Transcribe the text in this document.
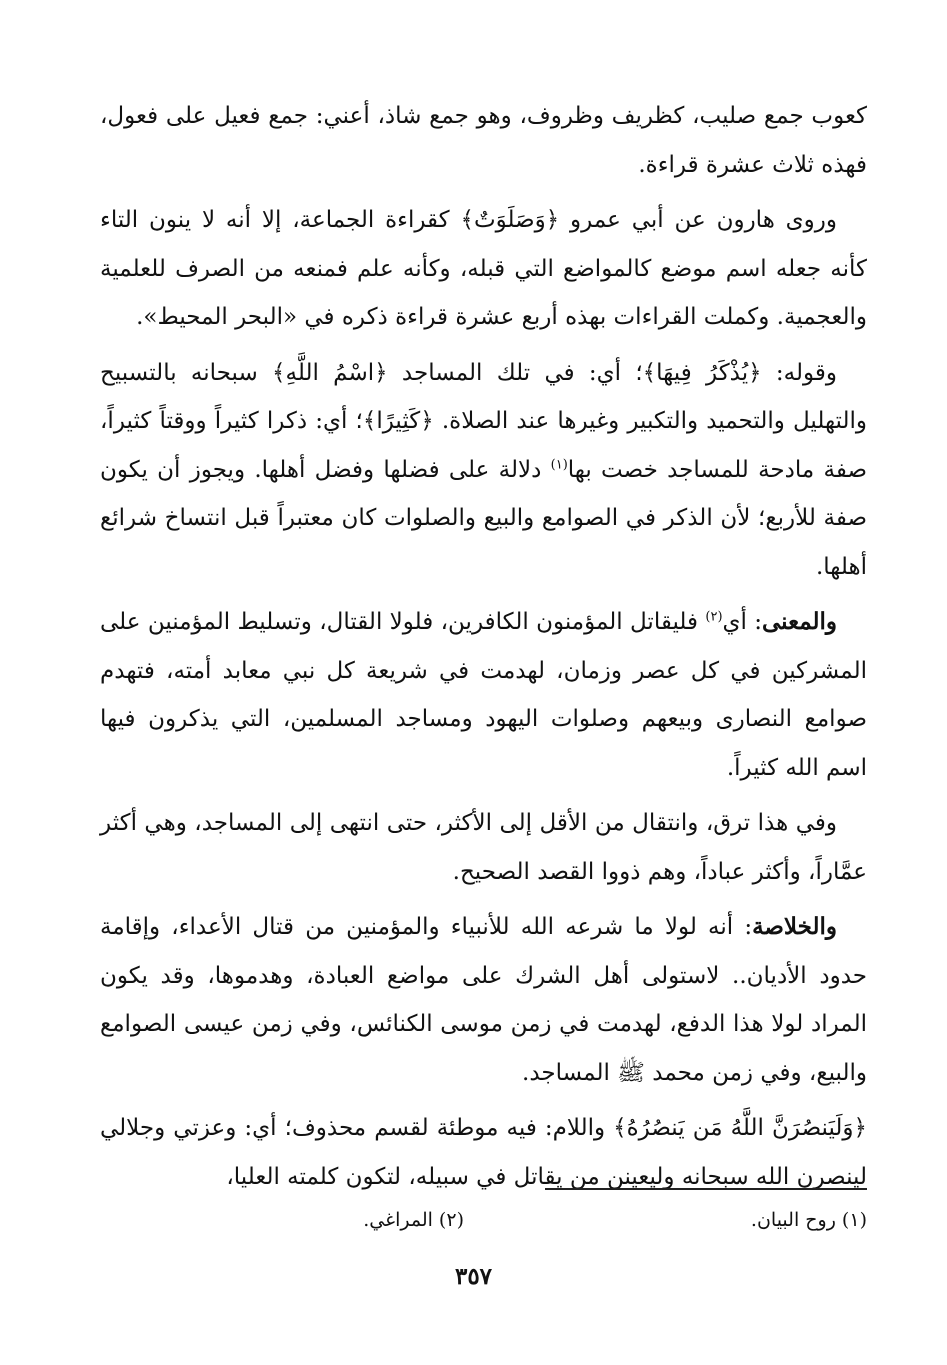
كعوب جمع صليب، كظريف وظروف، وهو جمع شاذ، أعني: جمع فعيل على فعول، فهذه ثلاث عشرة قراءة.

وروى هارون عن أبي عمرو ﴿وَصَلَوَتٌ﴾ كقراءة الجماعة، إلا أنه لا ينون التاء كأنه جعله اسم موضع كالمواضع التي قبله، وكأنه علم فمنعه من الصرف للعلمية والعجمية. وكملت القراءات بهذه أربع عشرة قراءة ذكره في «البحر المحيط».

وقوله: ﴿يُذْكَرُ فِيهَا﴾؛ أي: في تلك المساجد ﴿اسْمُ اللَّهِ﴾ سبحانه بالتسبيح والتهليل والتحميد والتكبير وغيرها عند الصلاة. ﴿كَثِيرًا﴾؛ أي: ذكرا كثيراً ووقتاً كثيراً، صفة مادحة للمساجد خصت بها$^{(١)}$ دلالة على فضلها وفضل أهلها. ويجوز أن يكون صفة للأربع؛ لأن الذكر في الصوامع والبيع والصلوات كان معتبراً قبل انتساخ شرائع أهلها.

والمعنى: أي$^{(٢)}$ فليقاتل المؤمنون الكافرين، فلولا القتال، وتسليط المؤمنين على المشركين في كل عصر وزمان، لهدمت في شريعة كل نبي معابد أمته، فتهدم صوامع النصارى وبيعهم وصلوات اليهود ومساجد المسلمين، التي يذكرون فيها اسم الله كثيراً.

وفي هذا ترق، وانتقال من الأقل إلى الأكثر، حتى انتهى إلى المساجد، وهي أكثر عمَّاراً، وأكثر عباداً، وهم ذووا القصد الصحيح.

والخلاصة: أنه لولا ما شرعه الله للأنبياء والمؤمنين من قتال الأعداء، وإقامة حدود الأديان.. لاستولى أهل الشرك على مواضع العبادة، وهدموها، وقد يكون المراد لولا هذا الدفع، لهدمت في زمن موسى الكنائس، وفي زمن عيسى الصوامع والبيع، وفي زمن محمد ﷺ المساجد.

﴿وَلَيَنصُرَنَّ اللَّهُ مَن يَنصُرُهُ﴾ واللام: فيه موطئة لقسم محذوف؛ أي: وعزتي وجلالي لينصرن الله سبحانه وليعينن من يقاتل في سبيله، لتكون كلمته العليا،

(١) روح البيان.
(٢) المراغي.
٣٥٧
